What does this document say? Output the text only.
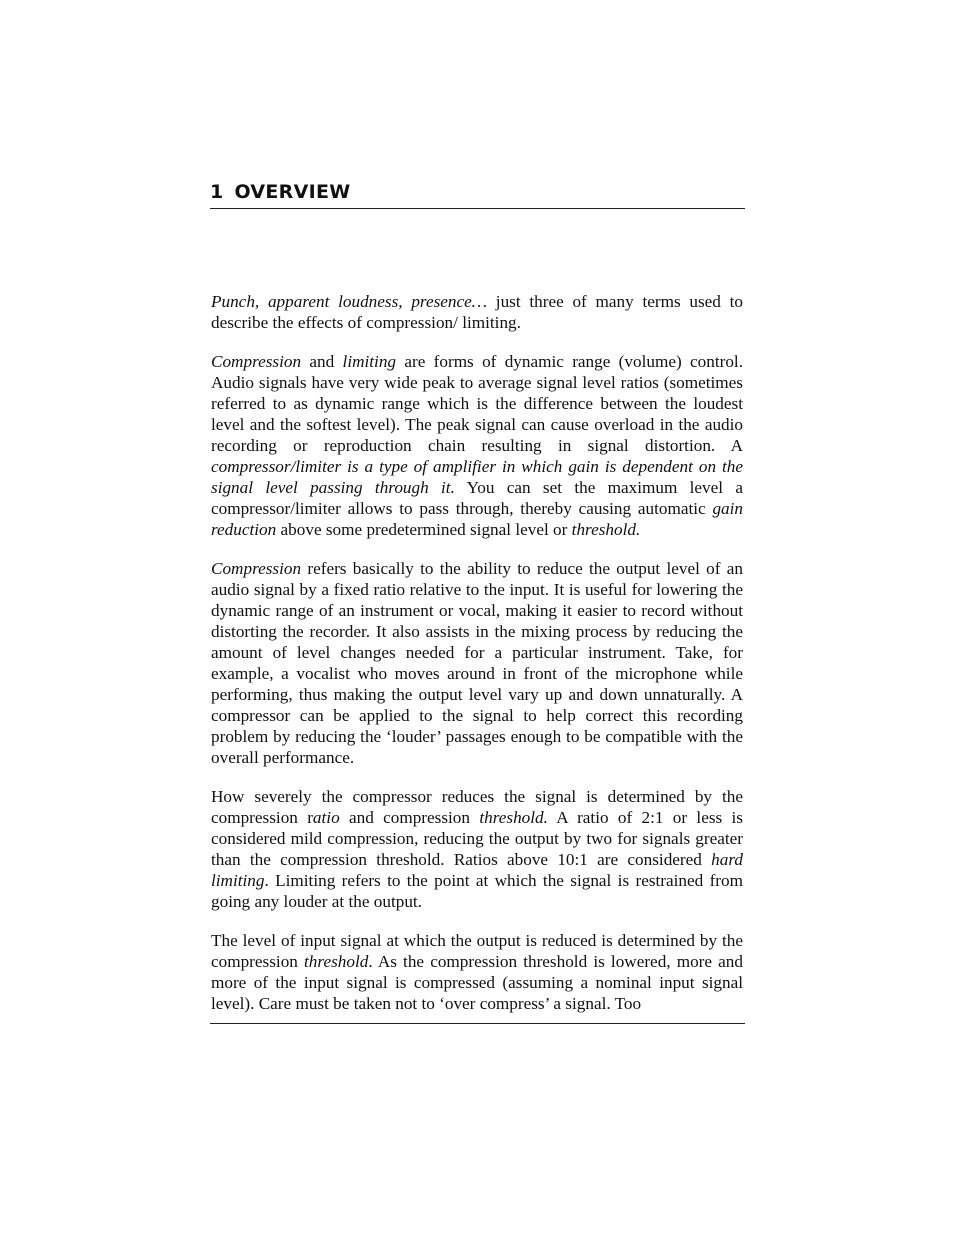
1 OVERVIEW

Punch, apparent loudness, presence… just three of many terms used to describe the effects of compression/ limiting.

Compression and limiting are forms of dynamic range (volume) control. Audio signals have very wide peak to average signal level ratios (sometimes referred to as dynamic range which is the difference between the loudest level and the softest level). The peak signal can cause overload in the audio recording or reproduction chain resulting in signal distortion. A compressor/limiter is a type of amplifier in which gain is dependent on the signal level passing through it. You can set the maximum level a compressor/limiter allows to pass through, thereby causing automatic gain reduction above some predetermined signal level or threshold.

Compression refers basically to the ability to reduce the output level of an audio signal by a fixed ratio relative to the input. It is useful for lowering the dynamic range of an instrument or vocal, making it easier to record without distorting the recorder. It also assists in the mixing process by reducing the amount of level changes needed for a particular instrument. Take, for example, a vocalist who moves around in front of the microphone while performing, thus making the output level vary up and down unnaturally. A compressor can be applied to the signal to help correct this recording problem by reducing the ‘louder’ passages enough to be compatible with the overall performance.

How severely the compressor reduces the signal is determined by the compression ratio and compression threshold. A ratio of 2:1 or less is considered mild compression, reducing the output by two for signals greater than the compression threshold. Ratios above 10:1 are considered hard limiting. Limiting refers to the point at which the signal is restrained from going any louder at the output.

The level of input signal at which the output is reduced is determined by the compression threshold. As the compression threshold is lowered, more and more of the input signal is compressed (assuming a nominal input signal level). Care must be taken not to ‘over compress’ a signal. Too
